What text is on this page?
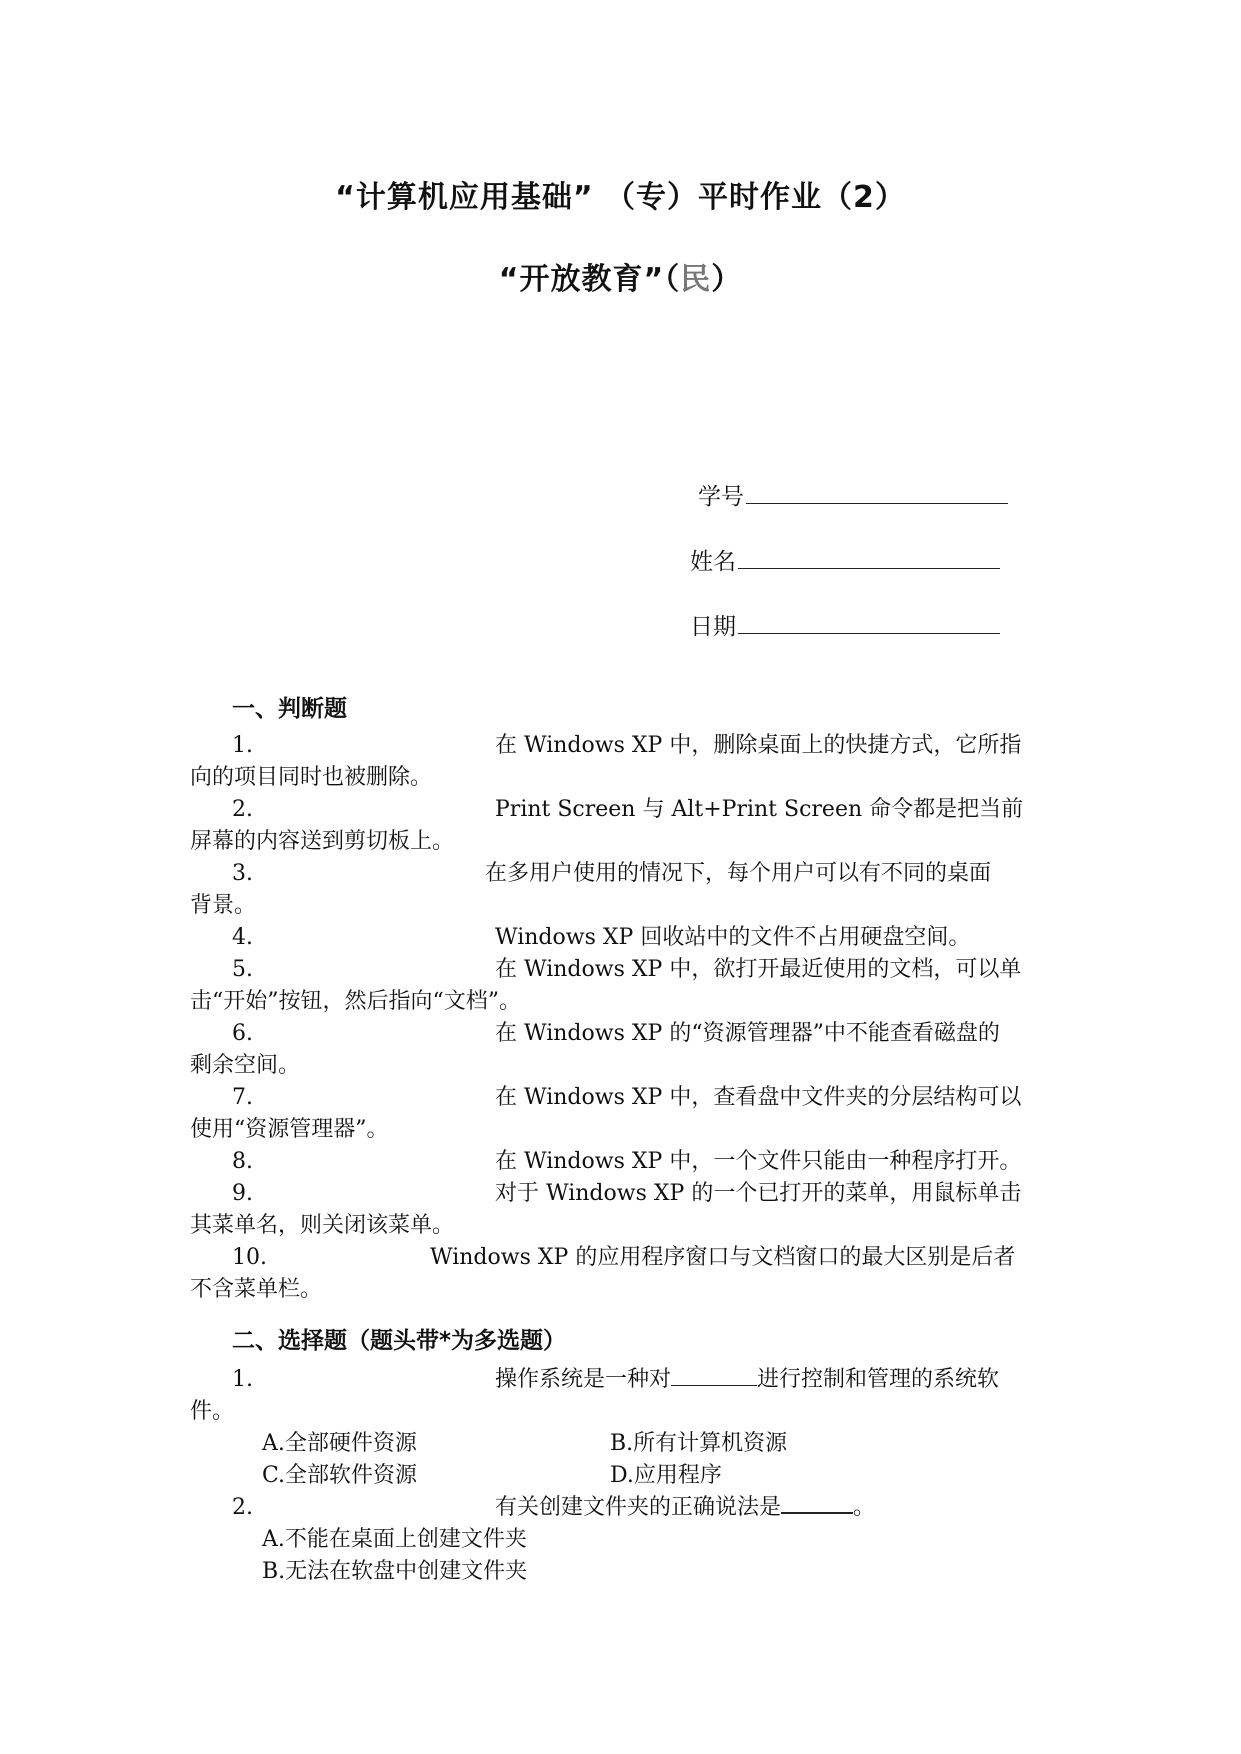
“计算机应用基础” （专）平时作业（2）
“开放教育”（民）
学号
姓名
日期
一、判断题
1.	在 Windows XP 中，删除桌面上的快捷方式，它所指
向的项目同时也被删除。
2.	Print Screen 与 Alt+Print Screen 命令都是把当前
屏幕的内容送到剪切板上。
3.	在多用户使用的情况下，每个用户可以有不同的桌面
背景。
4.	Windows XP 回收站中的文件不占用硬盘空间。
5.	在 Windows XP 中，欲打开最近使用的文档，可以单
击“开始”按钮，然后指向“文档”。
6.	在 Windows XP 的“资源管理器”中不能查看磁盘的
剩余空间。
7.	在 Windows XP 中，查看盘中文件夹的分层结构可以
使用“资源管理器”。
8.	在 Windows XP 中，一个文件只能由一种程序打开。
9.	对于 Windows XP 的一个已打开的菜单，用鼠标单击
其菜单名，则关闭该菜单。
10.	Windows XP 的应用程序窗口与文档窗口的最大区别是后者
不含菜单栏。
二、选择题（题头带*为多选题）
1.	操作系统是一种对	进行控制和管理的系统软
件。
A.全部硬件资源	B.所有计算机资源
C.全部软件资源	D.应用程序
2.	有关创建文件夹的正确说法是	。
A.不能在桌面上创建文件夹
B.无法在软盘中创建文件夹
